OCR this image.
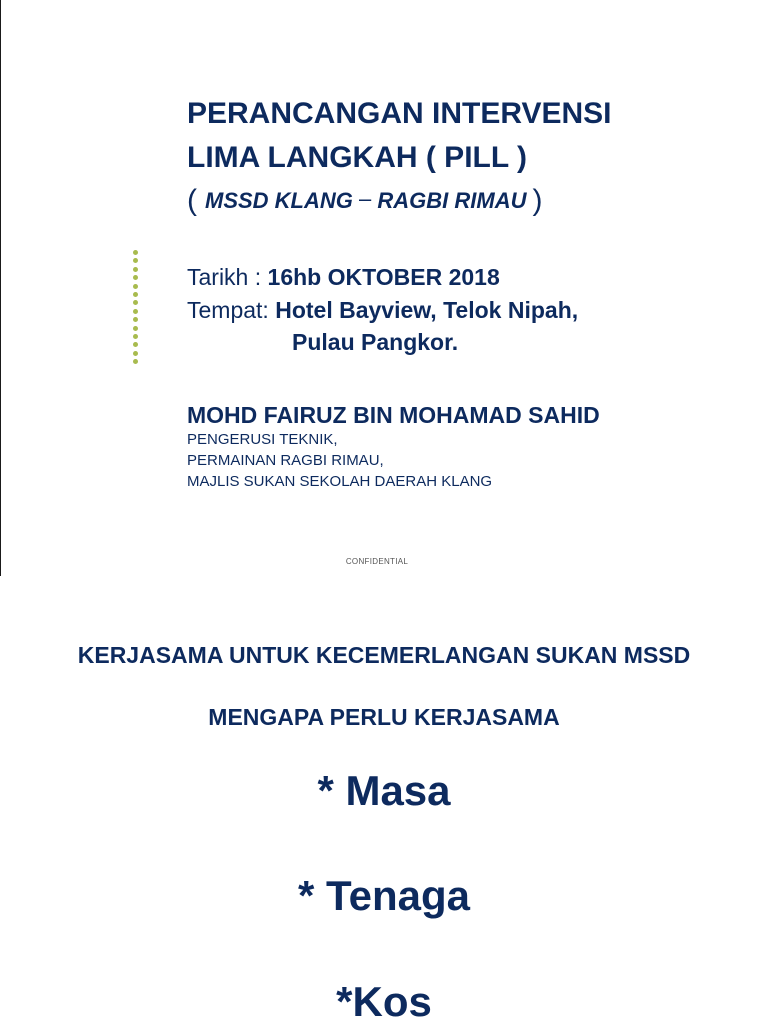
PERANCANGAN INTERVENSI
LIMA LANGKAH ( PILL )
( MSSD KLANG – RAGBI RIMAU )
Tarikh : 16hb OKTOBER 2018
Tempat: Hotel Bayview, Telok Nipah,
Pulau Pangkor.
MOHD FAIRUZ BIN MOHAMAD SAHID
PENGERUSI TEKNIK,
PERMAINAN RAGBI RIMAU,
MAJLIS SUKAN SEKOLAH DAERAH KLANG
CONFIDENTIAL
KERJASAMA UNTUK KECEMERLANGAN SUKAN MSSD
MENGAPA PERLU KERJASAMA
* Masa
* Tenaga
*Kos
